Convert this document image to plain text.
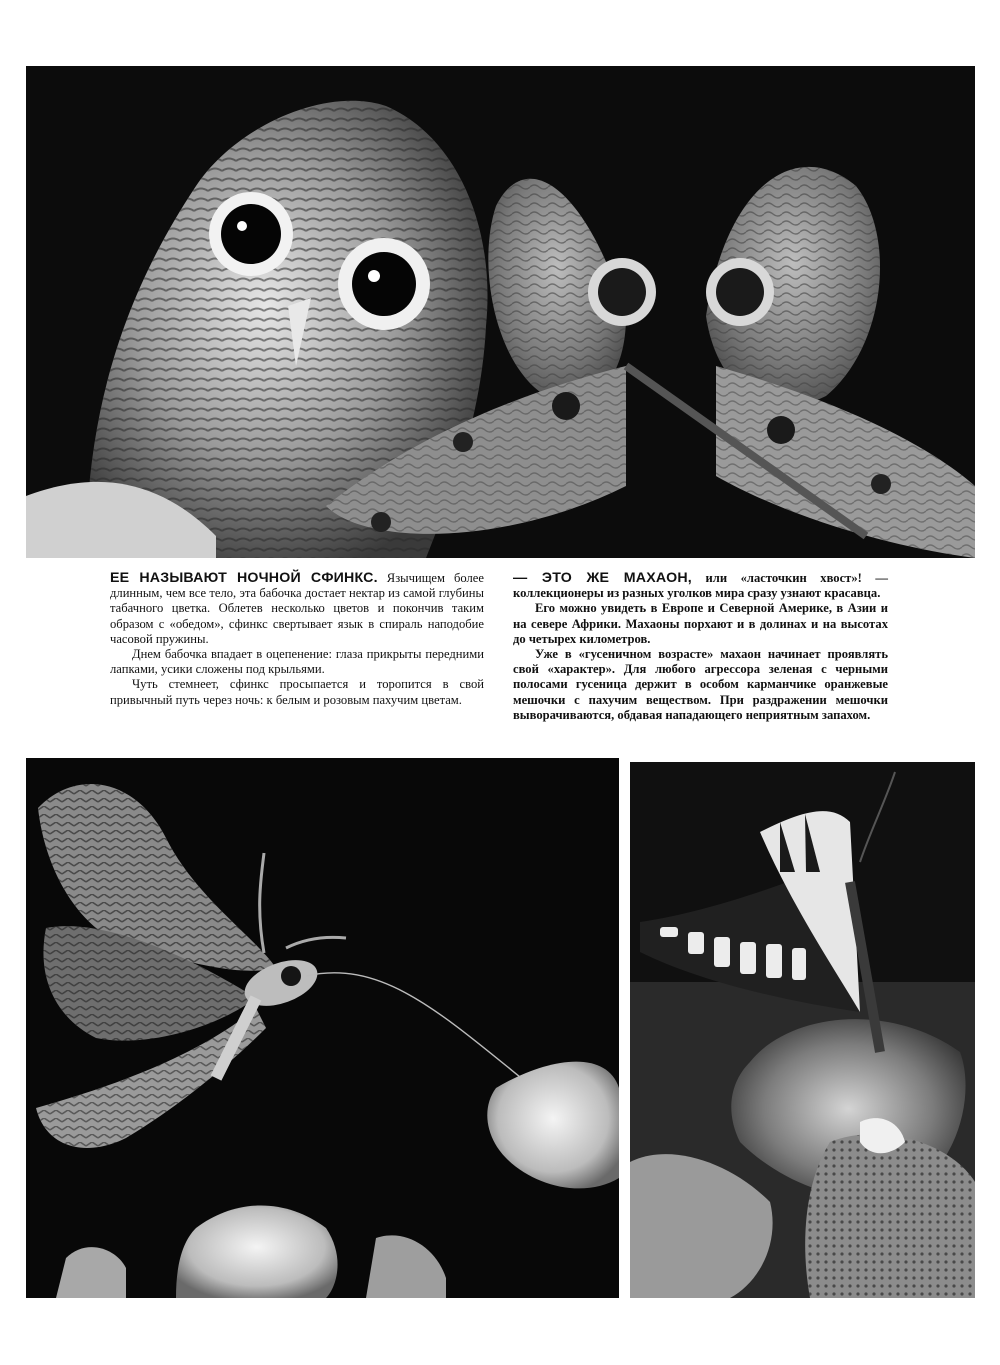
ЕЕ НАЗЫВАЮТ НОЧНОЙ СФИНКС. Язычищем более длинным, чем все тело, эта бабочка достает нектар из самой глубины табачного цветка. Облетев несколько цветов и покончив таким образом с «обедом», сфинкс свертывает язык в спираль наподобие часовой пружины.

Днем бабочка впадает в оцепенение: глаза прикрыты передними лапками, усики сложены под крыльями.

Чуть стемнеет, сфинкс просыпается и торопится в свой привычный путь через ночь: к белым и розовым пахучим цветам.

— ЭТО ЖЕ МАХАОН, или «ласточкин хвост»! — коллекционеры из разных уголков мира сразу узнают красавца.

Его можно увидеть в Европе и Северной Америке, в Азии и на севере Африки. Махаоны порхают и в долинах и на высотах до четырех километров.

Уже в «гусеничном возрасте» махаон начинает проявлять свой «характер». Для любого агрессора зеленая с черными полосами гусеница держит в особом карманчике оранжевые мешочки с пахучим веществом. При раздражении мешочки выворачиваются, обдавая нападающего неприятным запахом.
